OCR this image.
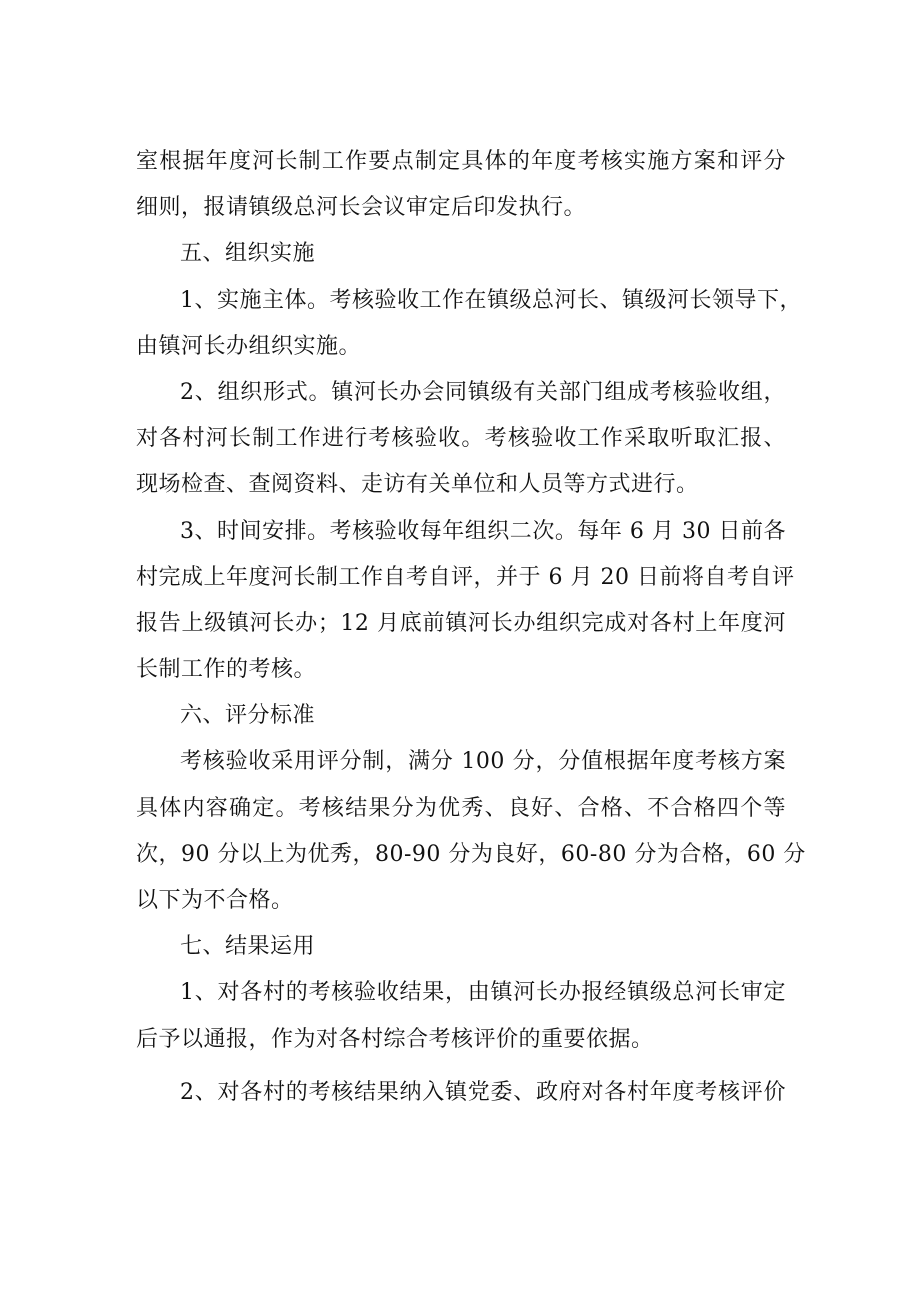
室根据年度河长制工作要点制定具体的年度考核实施方案和评分
细则，报请镇级总河长会议审定后印发执行。
五、组织实施
1、实施主体。考核验收工作在镇级总河长、镇级河长领导下，
由镇河长办组织实施。
2、组织形式。镇河长办会同镇级有关部门组成考核验收组，
对各村河长制工作进行考核验收。考核验收工作采取听取汇报、
现场检查、查阅资料、走访有关单位和人员等方式进行。
3、时间安排。考核验收每年组织二次。每年 6 月 30 日前各
村完成上年度河长制工作自考自评，并于 6 月 20 日前将自考自评
报告上级镇河长办；12 月底前镇河长办组织完成对各村上年度河
长制工作的考核。
六、评分标准
考核验收采用评分制，满分 100 分，分值根据年度考核方案
具体内容确定。考核结果分为优秀、良好、合格、不合格四个等
次，90 分以上为优秀，80-90 分为良好，60-80 分为合格，60 分
以下为不合格。
七、结果运用
1、对各村的考核验收结果，由镇河长办报经镇级总河长审定
后予以通报，作为对各村综合考核评价的重要依据。
2、对各村的考核结果纳入镇党委、政府对各村年度考核评价
